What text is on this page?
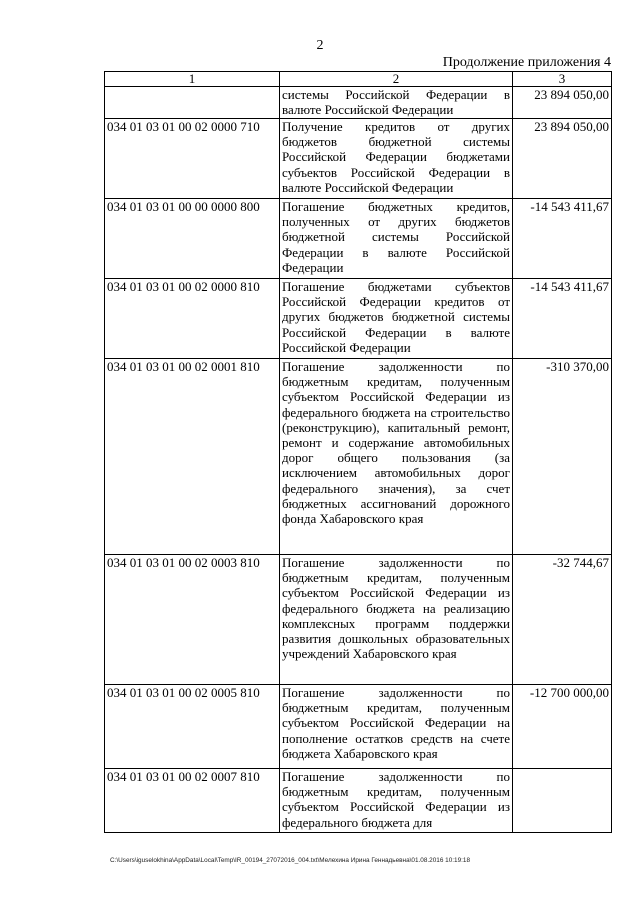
2
Продолжение приложения 4
1	2	3
	системы Российской Федерации в валюте Российской Федерации	23 894 050,00
034 01 03 01 00 02 0000 710	Получение кредитов от других бюджетов бюджетной системы Российской Федерации бюджетами субъектов Российской Федерации в валюте Российской Федерации	23 894 050,00
034 01 03 01 00 00 0000 800	Погашение бюджетных кредитов, полученных от других бюджетов бюджетной системы Российской Федерации в валюте Российской Федерации	-14 543 411,67
034 01 03 01 00 02 0000 810	Погашение бюджетами субъектов Российской Федерации кредитов от других бюджетов бюджетной системы Российской Федерации в валюте Российской Федерации	-14 543 411,67
034 01 03 01 00 02 0001 810	Погашение задолженности по бюджетным кредитам, полученным субъектом Российской Федерации из федерального бюджета на строительство (реконструкцию), капитальный ремонт, ремонт и содержание автомобильных дорог общего пользования (за исключением автомобильных дорог федерального значения), за счет бюджетных ассигнований дорожного фонда Хабаровского края	-310 370,00
034 01 03 01 00 02 0003 810	Погашение задолженности по бюджетным кредитам, полученным субъектом Российской Федерации из федерального бюджета на реализацию комплексных программ поддержки развития дошкольных образовательных учреждений Хабаровского края	-32 744,67
034 01 03 01 00 02 0005 810	Погашение задолженности по бюджетным кредитам, полученным субъектом Российской Федерации на пополнение остатков средств на счете бюджета Хабаровского края	-12 700 000,00
034 01 03 01 00 02 0007 810	Погашение задолженности по бюджетным кредитам, полученным субъектом Российской Федерации из федерального бюджета для	
C:\Users\iguselokhina\AppData\Local\Temp\IR_00194_27072016_004.txt\Мелехина Ирина Геннадьевна\01.08.2016 10:19:18
